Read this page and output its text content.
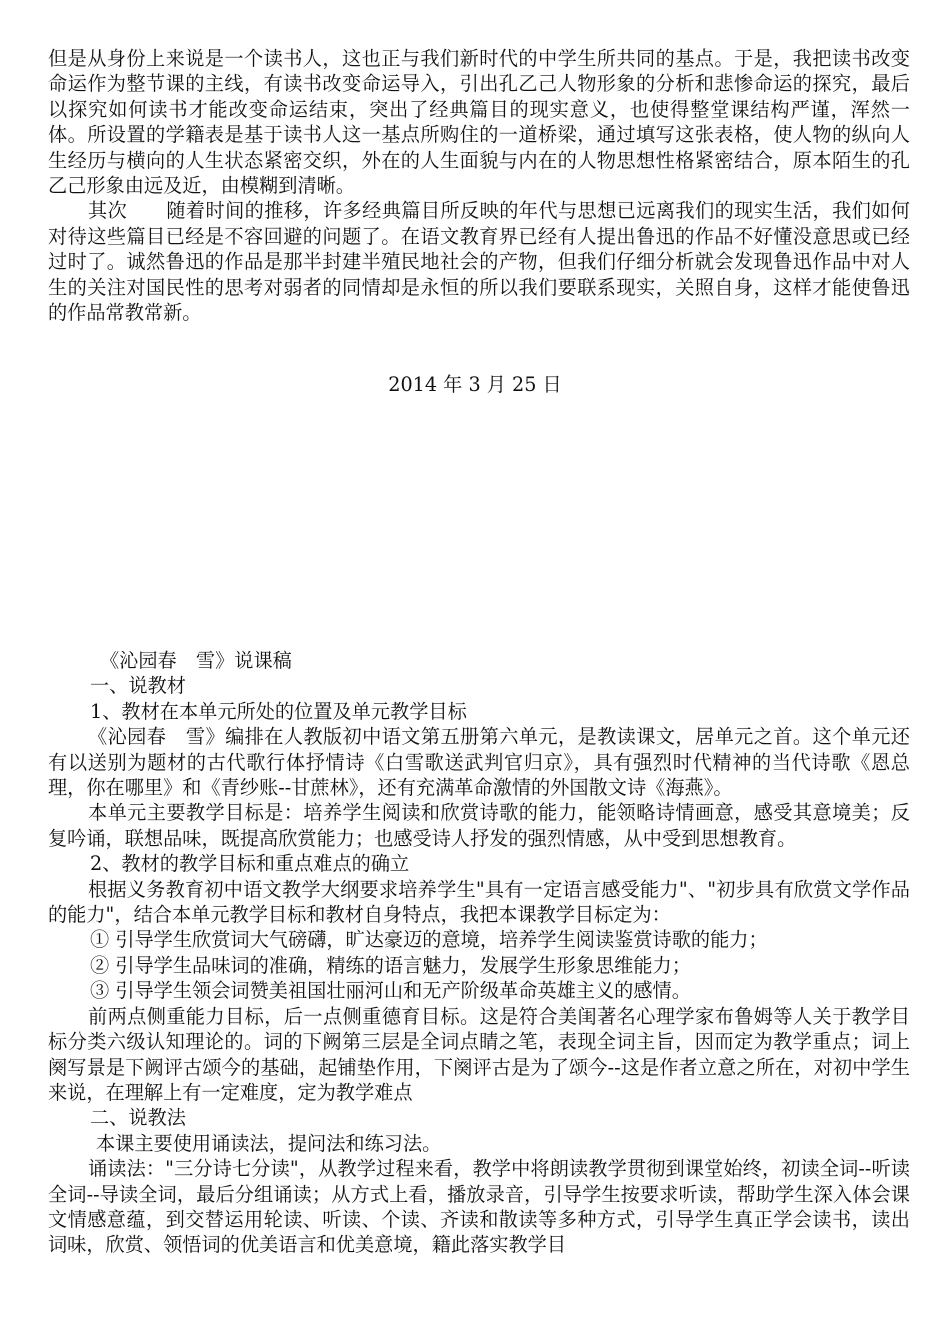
但是从身份上来说是一个读书人，这也正与我们新时代的中学生所共同的基点。于是，我把读书改变命运作为整节课的主线，有读书改变命运导入，引出孔乙己人物形象的分析和悲惨命运的探究，最后以探究如何读书才能改变命运结束，突出了经典篇目的现实意义，也使得整堂课结构严谨，浑然一体。所设置的学籍表是基于读书人这一基点所购住的一道桥梁，通过填写这张表格，使人物的纵向人生经历与横向的人生状态紧密交织，外在的人生面貌与内在的人物思想性格紧密结合，原本陌生的孔乙己形象由远及近，由模糊到清晰。

其次　　随着时间的推移，许多经典篇目所反映的年代与思想已远离我们的现实生活，我们如何对待这些篇目已经是不容回避的问题了。在语文教育界已经有人提出鲁迅的作品不好懂没意思或已经过时了。诚然鲁迅的作品是那半封建半殖民地社会的产物，但我们仔细分析就会发现鲁迅作品中对人生的关注对国民性的思考对弱者的同情却是永恒的所以我们要联系现实，关照自身，这样才能使鲁迅的作品常教常新。

2014 年 3 月 25 日

《沁园春　雪》说课稿

一、说教材

1、教材在本单元所处的位置及单元教学目标

《沁园春　雪》编排在人教版初中语文第五册第六单元，是教读课文，居单元之首。这个单元还有以送别为题材的古代歌行体抒情诗《白雪歌送武判官归京》，具有强烈时代精神的当代诗歌《恩总理，你在哪里》和《青纱账--甘蔗林》，还有充满革命激情的外国散文诗《海燕》。

本单元主要教学目标是：培养学生阅读和欣赏诗歌的能力，能领略诗情画意，感受其意境美；反复吟诵，联想品味，既提高欣赏能力；也感受诗人抒发的强烈情感，从中受到思想教育。

2、教材的教学目标和重点难点的确立

根据义务教育初中语文教学大纲要求培养学生"具有一定语言感受能力"、"初步具有欣赏文学作品的能力"，结合本单元教学目标和教材自身特点，我把本课教学目标定为：

① 引导学生欣赏词大气磅礴，旷达豪迈的意境，培养学生阅读鉴赏诗歌的能力；

② 引导学生品味词的准确，精练的语言魅力，发展学生形象思维能力；

③ 引导学生领会词赞美祖国壮丽河山和无产阶级革命英雄主义的感情。

前两点侧重能力目标，后一点侧重德育目标。这是符合美闺著名心理学家布鲁姆等人关于教学目标分类六级认知理论的。词的下阙第三层是全词点睛之笔，表现全词主旨，因而定为教学重点；词上阕写景是下阙评古颂今的基础，起铺垫作用，下阕评古是为了颂今--这是作者立意之所在，对初中学生来说，在理解上有一定难度，定为教学难点

二、说教法

本课主要使用诵读法，提问法和练习法。

诵读法："三分诗七分读"，从教学过程来看，教学中将朗读教学贯彻到课堂始终，初读全词--听读全词--导读全词，最后分组诵读；从方式上看，播放录音，引导学生按要求听读，帮助学生深入体会课文情感意蕴，到交替运用轮读、听读、个读、齐读和散读等多种方式，引导学生真正学会读书，读出词味，欣赏、领悟词的优美语言和优美意境，籍此落实教学目
